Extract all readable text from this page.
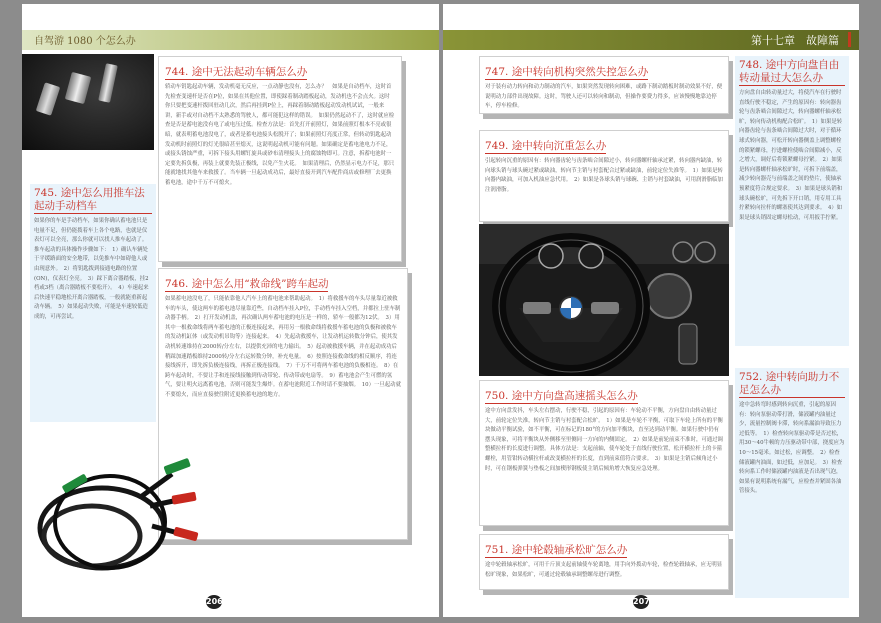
自驾游 1080 个怎么办
744. 途中无法起动车辆怎么办
轿动车钥匙起动车辆，发动机毫无反应，一点动静也没有，怎么办？　如果是自动档车，这时首先检查变速杆是否在P位，如果在其他位置，即使踩着制动踏板起动，发动机也不会点火。这时你只要把变速杆拨回驻动几次，然后再挂到P位上，再踩着制动踏板起动发动机试试，一般来讲，新手或对自动档不太熟悉的驾驶人，都可能犯这样的错误。　如果仍然起动不了，这时就应检查是否是蓄电池没有电了或电压过低。检查方法是：首先打开前照灯，如果前照灯根本不亮或很暗，就表明蓄电池没电了，或者是蓄电池接头松脱开了；如果前照灯亮度正常，但转动钥匙起动发动机时前照灯的灯光很暗甚至熄灭，这说明起动机可能有问题。如果确定是蓄电池电力不足，或接头锈蚀严重，可拆下接头用螺钉旋具或砂布清理接头上的腐蚀物即可。注意，拆蓄电池时一定要先拆负极，再装上就要先装正极线，以免产生火花。　如果清理后，仍然显示电力不足，那只能就地找其他车来救援了。当车辆一旦起动成功后，最好直接开到汽车配件商店或修理厂去更换蓄电池，途中千万不可熄火。
745. 途中怎么用推车法起动手动档车
如果你的车是手动档车，如果你确认蓄电池只是电量不足，但仍能拨着车上各个电路，也就是仪表灯可以全亮，那么你就可以找人推车起动了。　推车起动的具体操作步骤如下：　1）确认车辆处于平缓路面的安全地带，以免推车中如碍他人或由现意外。　2）将钥匙拨到接通电路的位置(ON)，仪表灯全亮。　3）踩下离合器踏板，挂2档或3档（离合器踏板不要松开）。　4）车速起来后快速平稳地松开离合器踏板，一般就能重新起动车辆。　5）如果起动失败，可能是车速较低造成的，可再尝试。
746. 途中怎么用“救命线”跨车起动
如果蓄电池没电了，只能依靠他人汽车上的蓄电池来帮助起动。　1）将救援车的车头尽量靠近被救车的车头，使这两车的蓄电池尽量靠近些，自动档车挂入P位，手动档车挂入空档，并都拉上驻车制动器手柄。　2）打开发动机盖，再次确认两车蓄电池的电压是一样的，轿车一般都为12伏。　3）用其中一根救命线将两车蓄电池的正极连接起来，再用另一根救命线将救援车蓄电池的负极和被救车的发动机缸体（或发动机吊钩等）连接起来。　4）先起动救援车，让发动机运转数分钟后，使其发动机转速维持在2000转/分左右，以提供充沛的电力输出。　5）起动被救援车辆，并在起动成功后稍踩加速踏板维持2000转/分左右运转数分钟，补充电量。　6）按照连接救命线的相反顺序，将连接线拆开，即先拆负极连接线，再拆正极连接线。　7）千万不可将两车蓄电池的负极相连。　8）在跨车起动时，不要让手和连接线接触到传动带轮、传动带或电扇等。　9）蓄电池会产生可燃的氢气，要让明火远离蓄电池，否则可能发生爆炸。在蓄电池附近工作时请不要抽烟。　10）一旦起动就不要熄火，而应直接驶往附近更换蓄电池的地方。
206
第十七章　故障篇
747. 途中转向机构突然失控怎么办
对于装有动力转向和动力制动的汽车，如果突然发现转向困难，或路下制动踏板时制动效果不好，便说明动力部件出现故障。这时，驾驶人还可以转向和制动，但操作要费力得多，应该慢慢地靠边停车，停车检修。
749. 途中转向沉重怎么办
引起转向沉重的原因有：转向器齿轮与齿条啮合间隙过小，转向器螺杆轴承过紧，转向器内缺油，转向球头销与球头碗过紧或缺油，转向节主销与衬套配合过紧或缺油，前轮定位失准等。　1）如果是转向器内缺油，可加入机油应急代用。　2）如果是各球头销与球碗、主销与衬套缺油，可用润滑脂临加注润滑脂。
748. 途中方向盘自由转动量过大怎么办
方向盘自由转动量过大，将使汽车在行驶时直线行驶不稳定，产生的原因有：转向器齿轮与齿条啮合间隙过大，转向器螺杆轴承松旷，转向传动机构配合松旷。　1）如果是转向器齿轮与齿条啮合间隙过大时，对于循环球式转向器，可松开转向器侧盖上调整螺栓的锁紧螺母，拧进螺栓使啮合间隙减小，反之增大，调好后将锁紧螺母拧紧。　2）如果是转向器螺杆轴承松旷时，可拆下前端盖，减少转向器壳与前端盖之间的垫片，使轴承预紧度符合规定要求。　3）如果是球头销和球头碗松旷，可先拆下开口销，用专用工具拧紧转向拉杆的螺塞使其达到要求。　4）如果是球头销固定螺母松动，可用扳手拧紧。
750. 途中方向盘高速摇头怎么办
途中方向盘发抖，车头左右摆动，行驶不稳，引起的原因有：车轮动不平衡，方向盘自由转动量过大，前轮定位失准，转向节主销与衬套配合松旷。　1）如果是车轮不平衡，可取下车轮上所有的平衡块做动平衡试验，如不平衡，可在标记的180°的方向加平衡块，直至达到动平衡。如果行驶中仍有摆头现象，可将平衡块从外侧移至里侧同一方向的内侧固定。　2）如果是前轮前束不准时，可通过调整横拉杆的长度进行调整。具体方法是：支起前轴，使车轮处于直线行驶位置，松开横拉杆上的卡箍螺栓，用管钳转动横拉杆或改变横拉杆的长度，直到前束值符合要求。　3）如果是主销后倾角过小时，可在钢板弹簧与垫板之间加楔形钢板使主销后倾角增大恢复应急处理。
751. 途中轮毂轴承松旷怎么办
途中轮毂轴承松旷，可用千斤顶支起前轴使车轮离地，用手向外拨动车轮，检查轮毂轴承，应无明显松旷现象，如果松旷，可通过轮毂轴承调整螺母进行调整。
752. 途中转向助力不足怎么办
途中急转弯时感到转向沉重，引起的原因有：转向泵驱动带打滑，储液罐内油量过少，流量控制阀卡滞，转向系漏油导致压力过低等。　1）检查转向泵驱动带是否过松，用30～40牛顿的力压驱动带中部，挠度应为10～15毫米。如过松，应调整。　2）检查储液罐内油面，如过低，应加足。　3）检查转向系工作时储液罐内油液是否出现气泡，如果有说明系统有漏气，应检查并紧固各油管接头。
207
